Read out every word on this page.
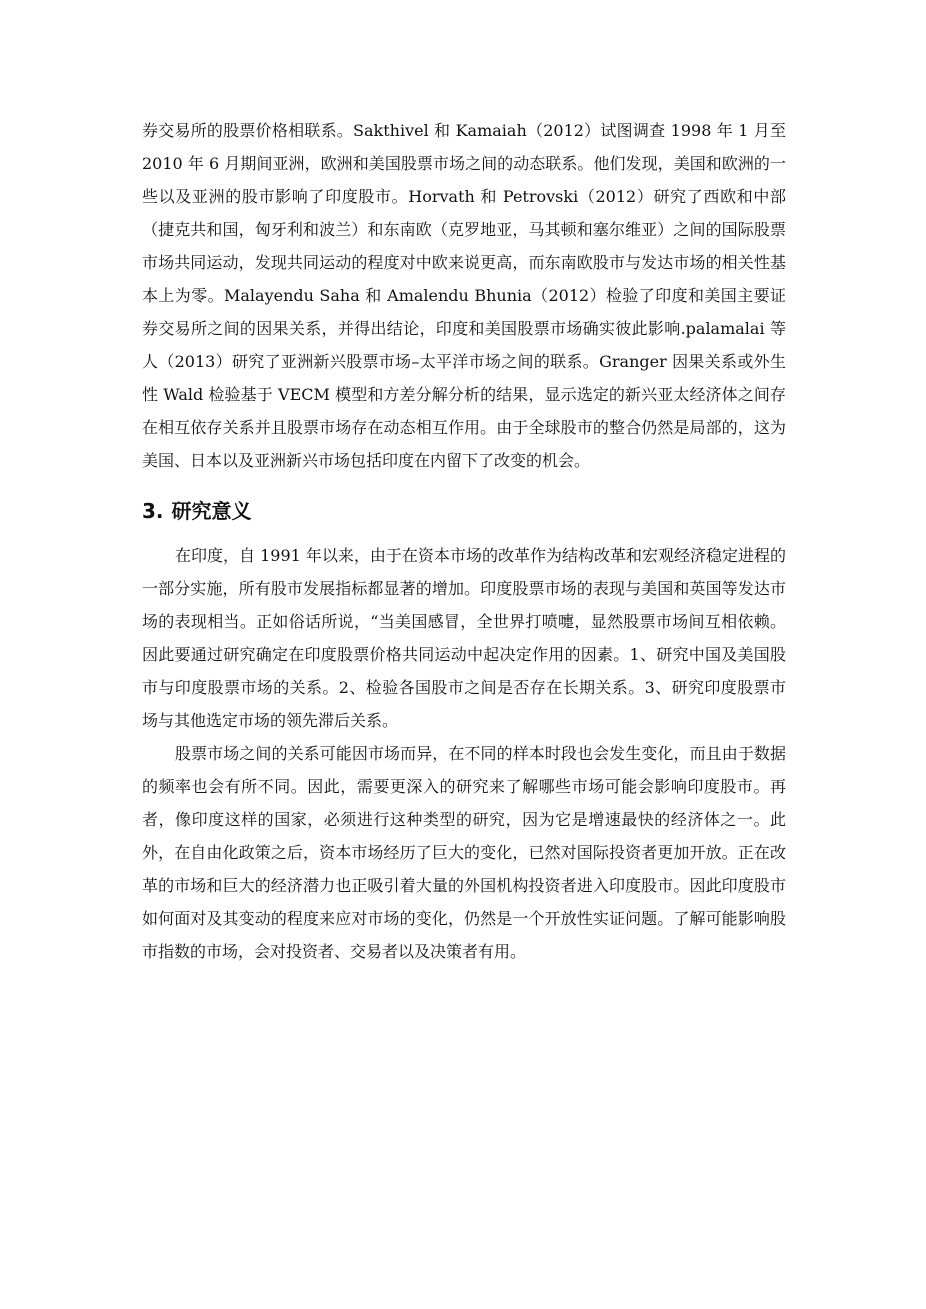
券交易所的股票价格相联系。Sakthivel 和 Kamaiah（2012）试图调查 1998 年 1 月至 2010 年 6 月期间亚洲，欧洲和美国股票市场之间的动态联系。他们发现，美国和欧洲的一些以及亚洲的股市影响了印度股市。Horvath 和 Petrovski（2012）研究了西欧和中部（捷克共和国，匈牙利和波兰）和东南欧（克罗地亚，马其顿和塞尔维亚）之间的国际股票市场共同运动，发现共同运动的程度对中欧来说更高，而东南欧股市与发达市场的相关性基本上为零。Malayendu Saha 和 Amalendu Bhunia（2012）检验了印度和美国主要证券交易所之间的因果关系，并得出结论，印度和美国股票市场确实彼此影响.palamalai 等人（2013）研究了亚洲新兴股票市场–太平洋市场之间的联系。Granger 因果关系或外生性 Wald 检验基于 VECM 模型和方差分解分析的结果，显示选定的新兴亚太经济体之间存在相互依存关系并且股票市场存在动态相互作用。由于全球股市的整合仍然是局部的，这为美国、日本以及亚洲新兴市场包括印度在内留下了改变的机会。

3. 研究意义

在印度，自 1991 年以来，由于在资本市场的改革作为结构改革和宏观经济稳定进程的一部分实施，所有股市发展指标都显著的增加。印度股票市场的表现与美国和英国等发达市场的表现相当。正如俗话所说，“当美国感冒，全世界打喷嚏，显然股票市场间互相依赖。因此要通过研究确定在印度股票价格共同运动中起决定作用的因素。1、研究中国及美国股市与印度股票市场的关系。2、检验各国股市之间是否存在长期关系。3、研究印度股票市场与其他选定市场的领先滞后关系。

股票市场之间的关系可能因市场而异，在不同的样本时段也会发生变化，而且由于数据的频率也会有所不同。因此，需要更深入的研究来了解哪些市场可能会影响印度股市。再者，像印度这样的国家，必须进行这种类型的研究，因为它是增速最快的经济体之一。此外，在自由化政策之后，资本市场经历了巨大的变化，已然对国际投资者更加开放。正在改革的市场和巨大的经济潜力也正吸引着大量的外国机构投资者进入印度股市。因此印度股市如何面对及其变动的程度来应对市场的变化，仍然是一个开放性实证问题。了解可能影响股市指数的市场，会对投资者、交易者以及决策者有用。
